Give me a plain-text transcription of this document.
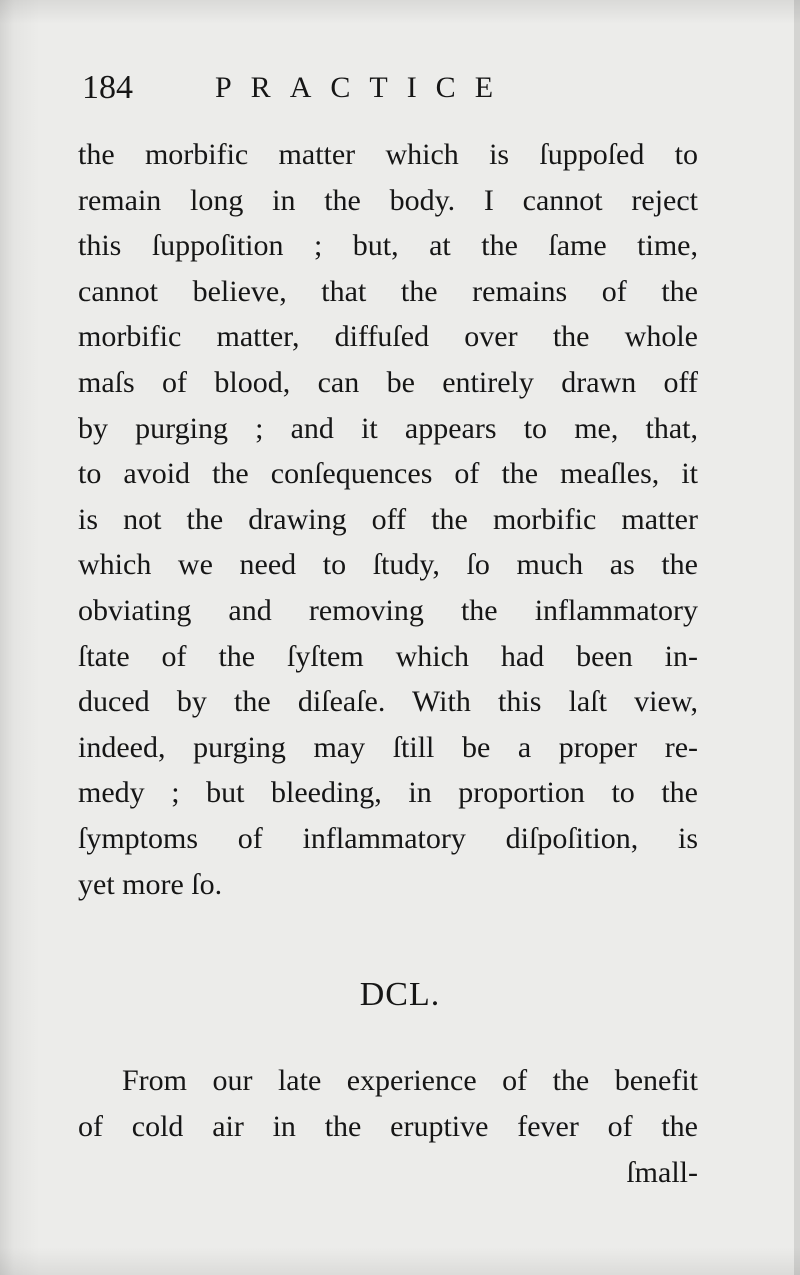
184	PRACTICE
the morbific matter which is ſuppoſed to
remain long in the body. I cannot reject
this ſuppoſition ; but, at the ſame time,
cannot believe, that the remains of the
morbific matter, diffuſed over the whole
maſs of blood, can be entirely drawn off
by purging ; and it appears to me, that,
to avoid the conſequences of the meaſles, it
is not the drawing off the morbific matter
which we need to ſtudy, ſo much as the
obviating and removing the inflammatory
ſtate of the ſyſtem which had been in-
duced by the diſeaſe. With this laſt view,
indeed, purging may ſtill be a proper re-
medy ; but bleeding, in proportion to the
ſymptoms of inflammatory diſpoſition, is
yet more ſo.
DCL.
From our late experience of the benefit
of cold air in the eruptive fever of the
ſmall-
